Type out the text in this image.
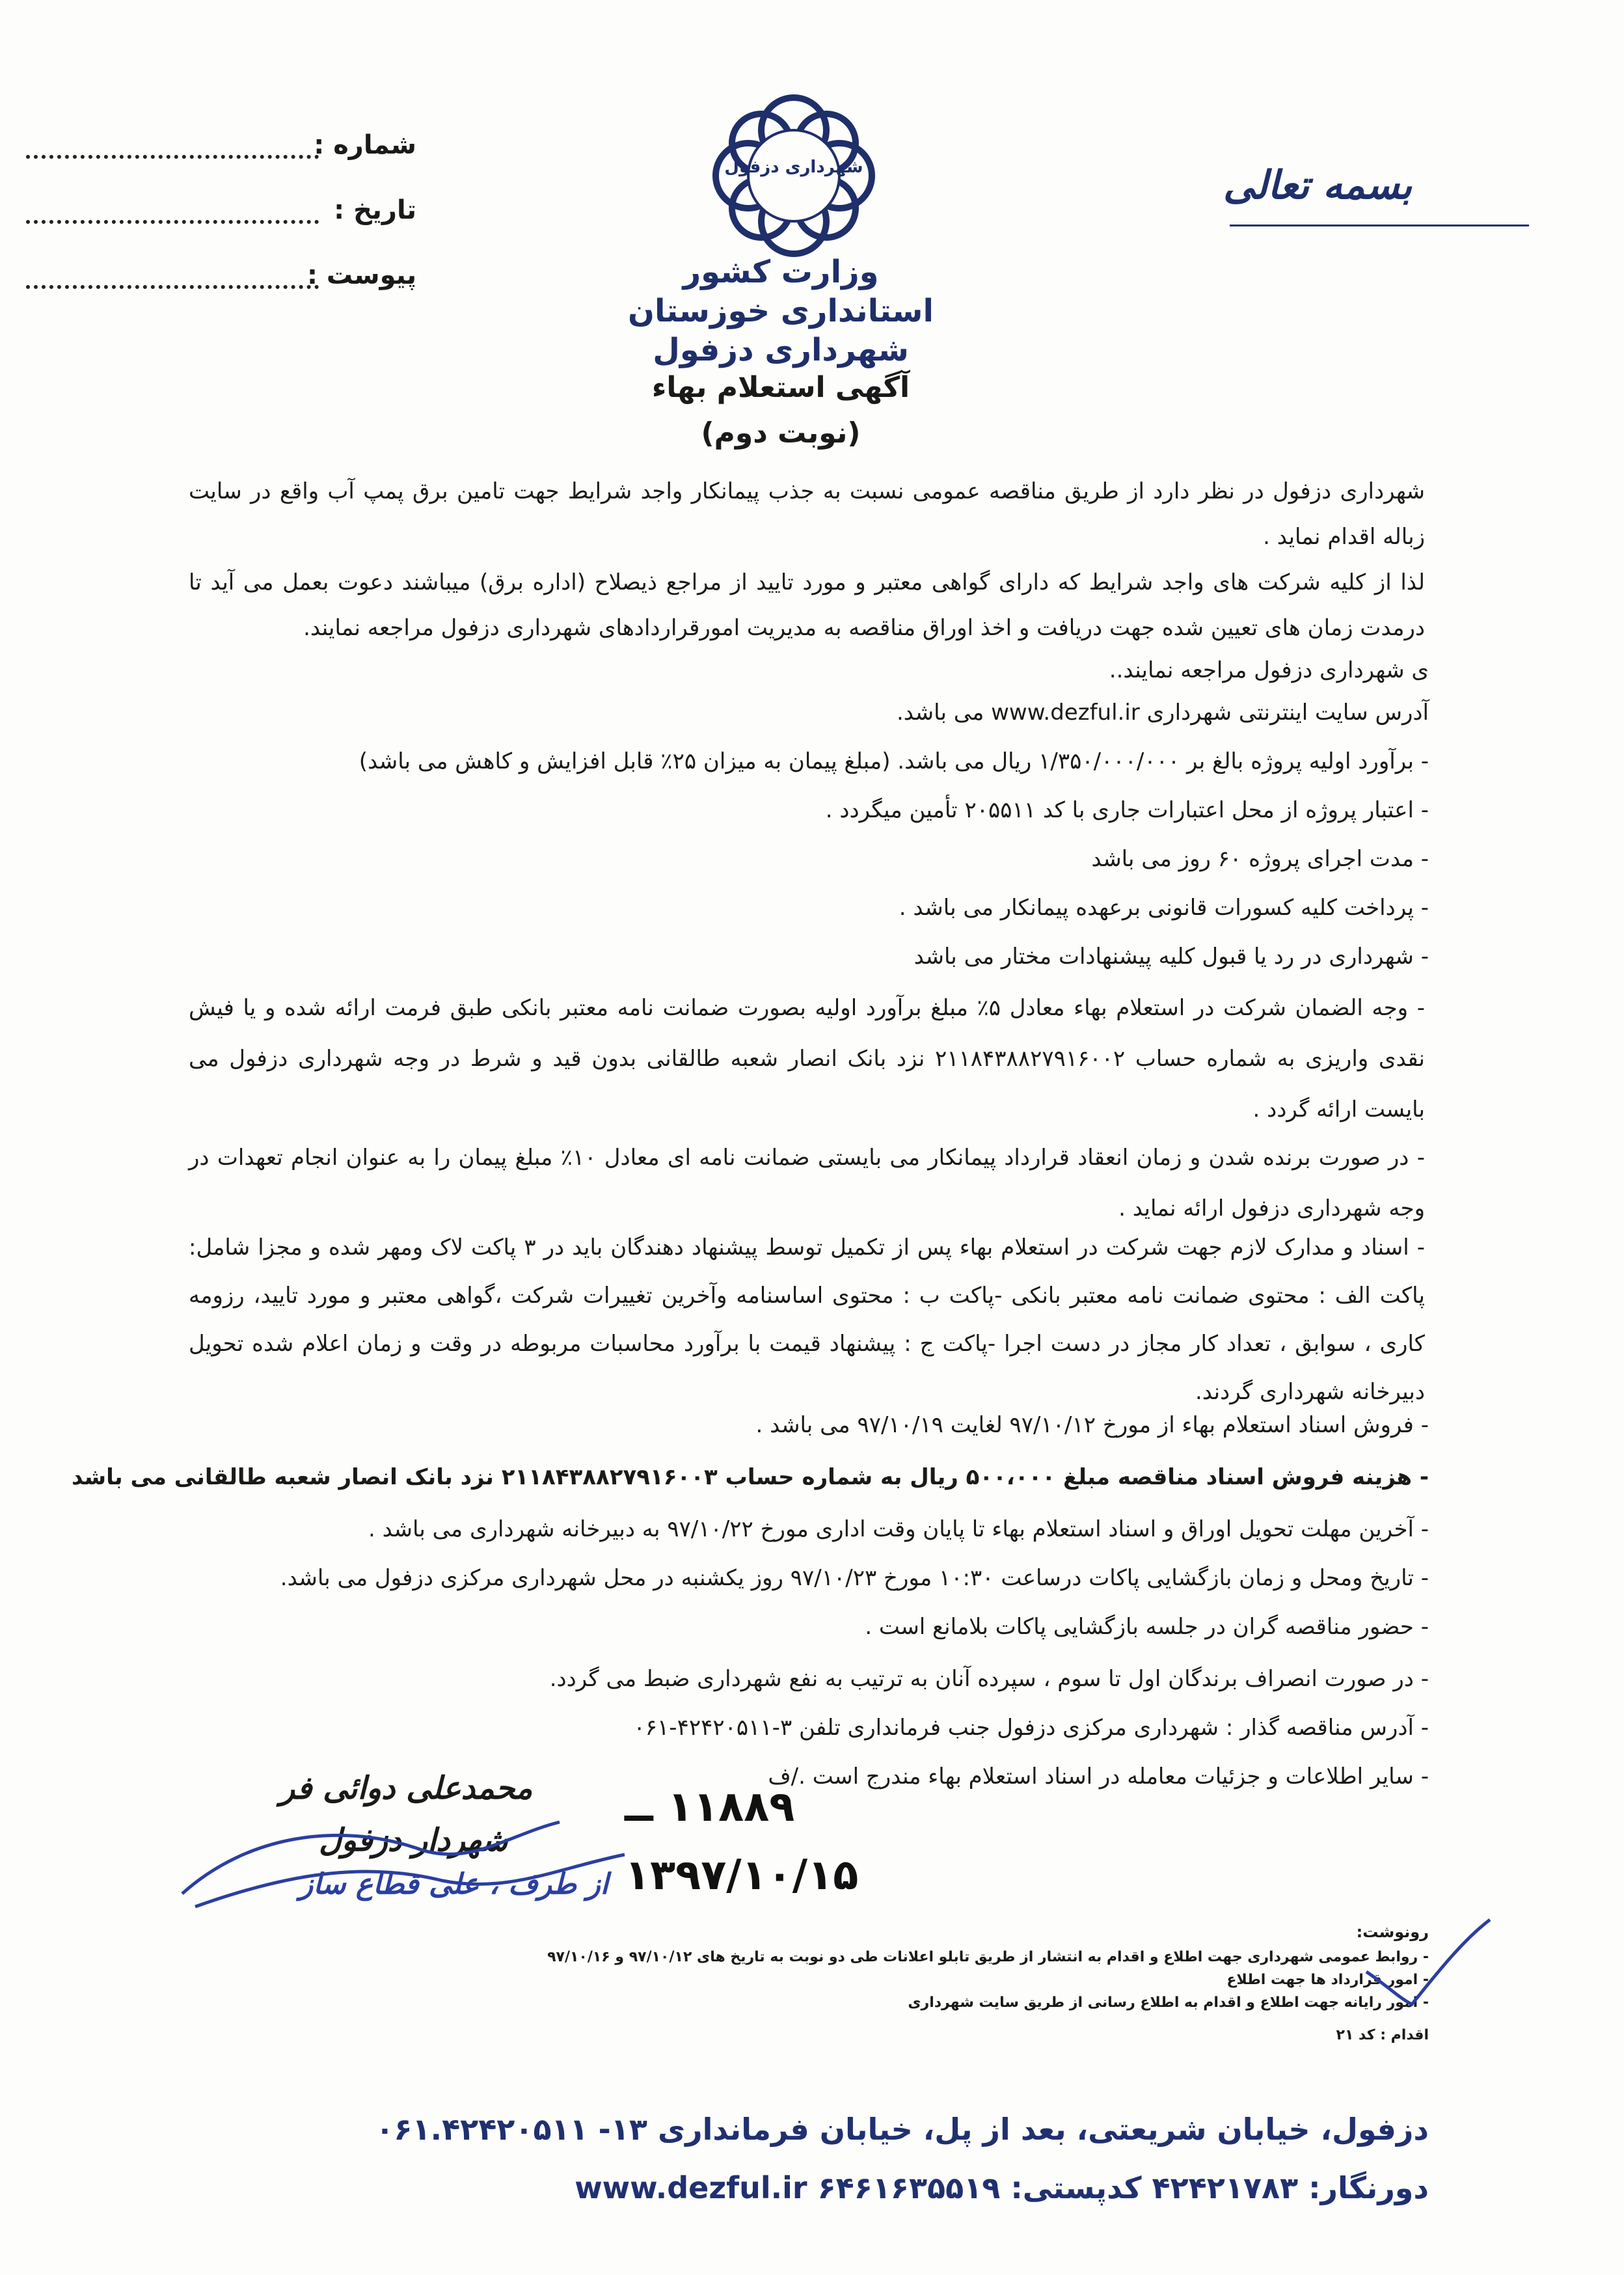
شماره :
تاریخ :
پیوست :
بسمه تعالی
شهرداری دزفول
وزارت کشور
استانداری خوزستان
شهرداری دزفول
آگهی استعلام بهاء
(نوبت دوم)
شهرداری دزفول در نظر دارد از طریق مناقصه عمومی نسبت به جذب پیمانکار واجد شرایط جهت تامین برق پمپ آب واقع در سایت زباله اقدام نماید .
لذا از کلیه شرکت های واجد شرایط که دارای گواهی معتبر و مورد تایید از مراجع ذیصلاح (اداره برق) میباشند دعوت بعمل می آید تا درمدت زمان های تعیین شده جهت دریافت و اخذ اوراق مناقصه به مدیریت امورقراردادهای شهرداری دزفول مراجعه نمایند.
ی شهرداری دزفول مراجعه نمایند..
آدرس سایت اینترنتی شهرداری www.dezful.ir می باشد.
- برآورد اولیه پروژه بالغ بر ۱/۳۵۰/۰۰۰/۰۰۰ ریال می باشد. (مبلغ پیمان به میزان ۲۵٪ قابل افزایش و کاهش می باشد)
- اعتبار پروژه از محل اعتبارات جاری با کد ۲۰۵۵۱۱ تأمین میگردد .
- مدت اجرای پروژه ۶۰ روز می باشد
- پرداخت کلیه کسورات قانونی برعهده پیمانکار می باشد .
- شهرداری در رد یا قبول کلیه پیشنهادات مختار می باشد
- وجه الضمان شرکت در استعلام بهاء معادل ۵٪ مبلغ برآورد اولیه بصورت ضمانت نامه معتبر بانکی طبق فرمت ارائه شده و یا فیش نقدی واریزی به شماره حساب ۲۱۱۸۴۳۸۸۲۷۹۱۶۰۰۲ نزد بانک انصار شعبه طالقانی بدون قید و شرط در وجه شهرداری دزفول می بایست ارائه گردد .
- در صورت برنده شدن و زمان انعقاد قرارداد پیمانکار می بایستی ضمانت نامه ای معادل ۱۰٪ مبلغ پیمان را به عنوان انجام تعهدات در وجه شهرداری دزفول ارائه نماید .
- اسناد و مدارک لازم جهت شرکت در استعلام بهاء پس از تکمیل توسط پیشنهاد دهندگان باید در ۳ پاکت لاک ومهر شده و مجزا شامل: پاکت الف : محتوی ضمانت نامه معتبر بانکی -پاکت ب : محتوی اساسنامه وآخرین تغییرات شرکت ،گواهی معتبر و مورد تایید، رزومه کاری ، سوابق ، تعداد کار مجاز در دست اجرا -پاکت ج : پیشنهاد قیمت با برآورد محاسبات مربوطه در وقت و زمان اعلام شده تحویل دبیرخانه شهرداری گردند.
- فروش اسناد استعلام بهاء از مورخ ۹۷/۱۰/۱۲ لغایت ۹۷/۱۰/۱۹ می باشد .
- هزینه فروش اسناد مناقصه مبلغ ۵۰۰،۰۰۰ ریال به شماره حساب ۲۱۱۸۴۳۸۸۲۷۹۱۶۰۰۳ نزد بانک انصار شعبه طالقانی می باشد
- آخرین مهلت تحویل اوراق و اسناد استعلام بهاء تا پایان وقت اداری مورخ ۹۷/۱۰/۲۲ به دبیرخانه شهرداری می باشد .
- تاریخ ومحل و زمان بازگشایی پاکات درساعت ۱۰:۳۰ مورخ ۹۷/۱۰/۲۳ روز یکشنبه در محل شهرداری مرکزی دزفول می باشد.
- حضور مناقصه گران در جلسه بازگشایی پاکات بلامانع است .
- در صورت انصراف برندگان اول تا سوم ، سپرده آنان به ترتیب به نفع شهرداری ضبط می گردد.
- آدرس مناقصه گذار : شهرداری مرکزی دزفول جنب فرمانداری تلفن ۳-۴۲۴۲۰۵۱۱-۰۶۱
- سایر اطلاعات و جزئیات معامله در اسناد استعلام بهاء مندرج است ./ف
محمدعلی دوائی فر
شهردار دزفول
۱۱۸۸۹ ــ
۱۳۹۷/۱۰/۱۵
از طرف ، علی قطاع ساز
رونوشت:
- روابط عمومی شهرداری جهت اطلاع و اقدام به انتشار از طریق تابلو اعلانات طی دو نوبت به تاریخ های ۹۷/۱۰/۱۲ و ۹۷/۱۰/۱۶
- امور قرارداد ها جهت اطلاع
- امور رایانه جهت اطلاع و اقدام به اطلاع رسانی از طریق سایت شهرداری
اقدام : کد ۲۱
دزفول، خیابان شریعتی، بعد از پل، خیابان فرمانداری ۱۳- ۰۶۱.۴۲۴۲۰۵۱۱
دورنگار: ۴۲۴۲۱۷۸۳ کدپستی: ۶۴۶۱۶۳۵۵۱۹ www.dezful.ir
